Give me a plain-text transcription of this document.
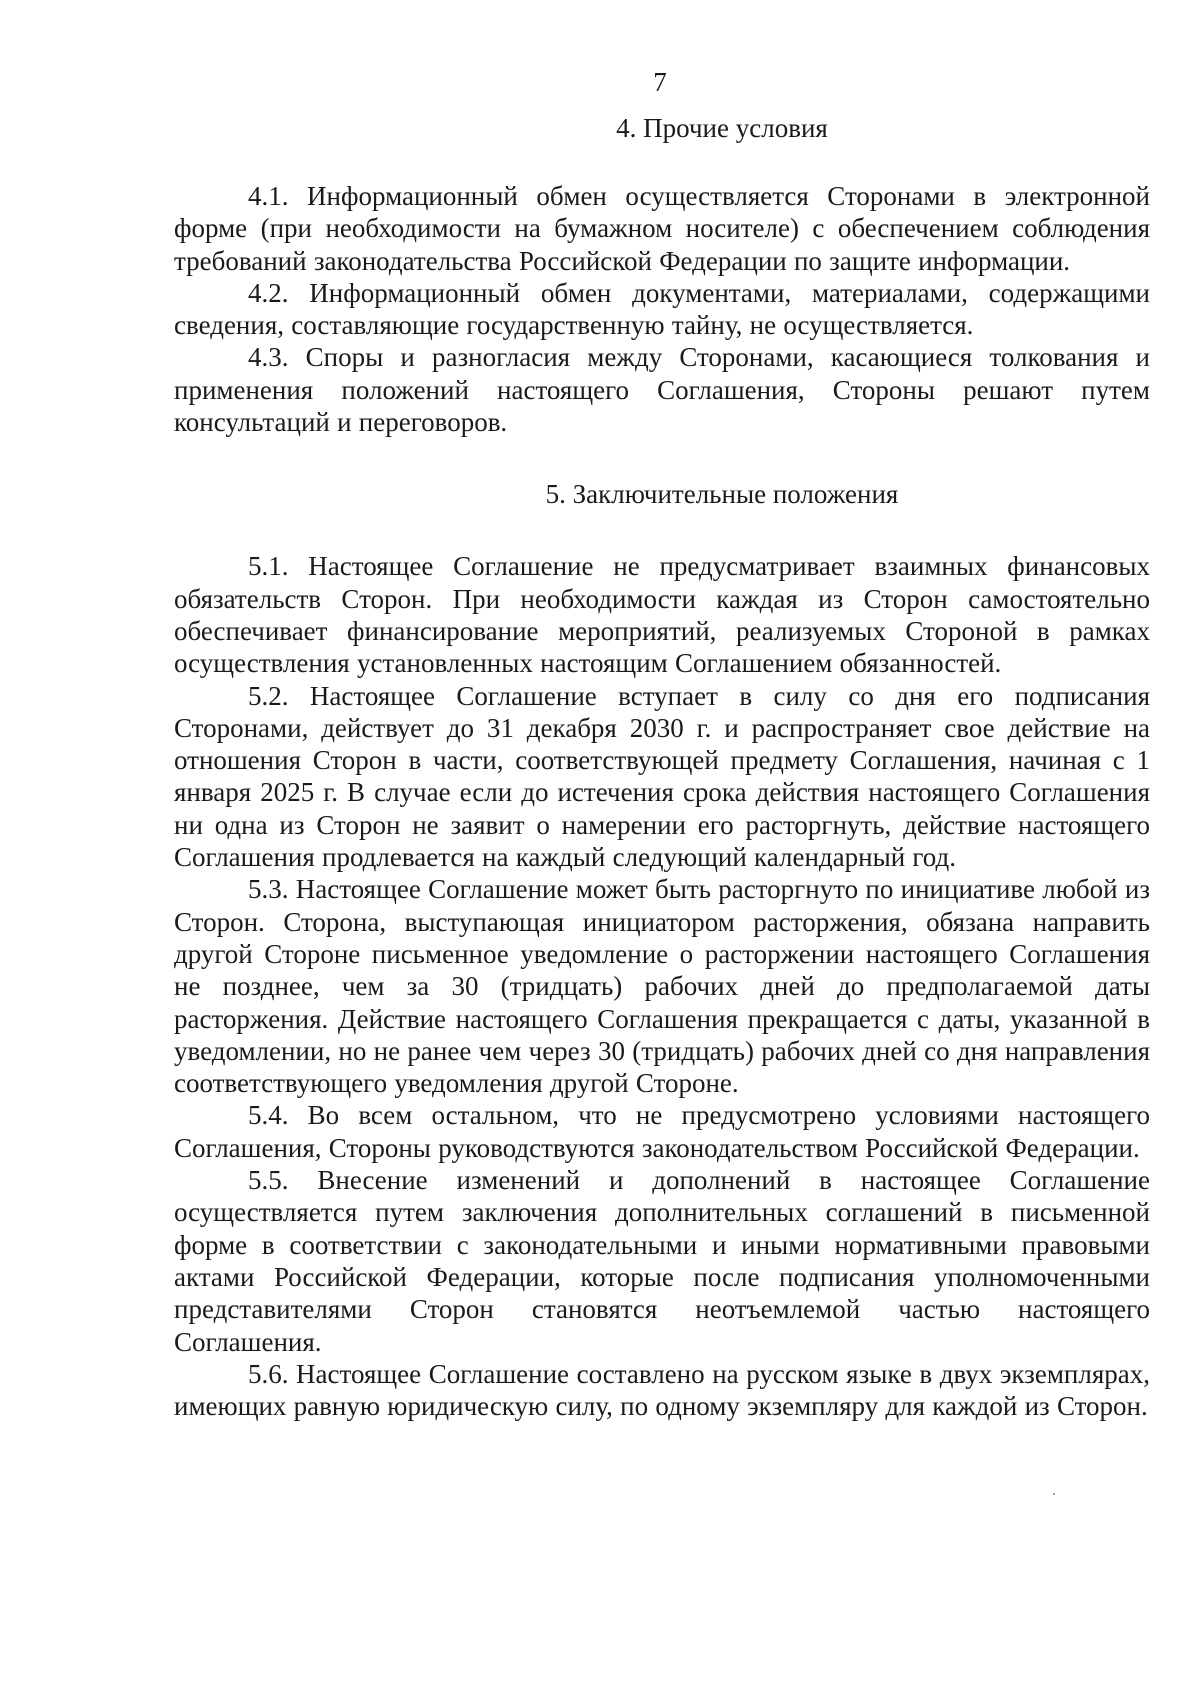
7

4. Прочие условия

4.1. Информационный обмен осуществляется Сторонами в электронной форме (при необходимости на бумажном носителе) с обеспечением соблюдения требований законодательства Российской Федерации по защите информации.

4.2. Информационный обмен документами, материалами, содержащими сведения, составляющие государственную тайну, не осуществляется.

4.3. Споры и разногласия между Сторонами, касающиеся толкования и применения положений настоящего Соглашения, Стороны решают путем консультаций и переговоров.

5. Заключительные положения

5.1. Настоящее Соглашение не предусматривает взаимных финансовых обязательств Сторон. При необходимости каждая из Сторон самостоятельно обеспечивает финансирование мероприятий, реализуемых Стороной в рамках осуществления установленных настоящим Соглашением обязанностей.

5.2. Настоящее Соглашение вступает в силу со дня его подписания Сторонами, действует до 31 декабря 2030 г. и распространяет свое действие на отношения Сторон в части, соответствующей предмету Соглашения, начиная с 1 января 2025 г. В случае если до истечения срока действия настоящего Соглашения ни одна из Сторон не заявит о намерении его расторгнуть, действие настоящего Соглашения продлевается на каждый следующий календарный год.

5.3. Настоящее Соглашение может быть расторгнуто по инициативе любой из Сторон. Сторона, выступающая инициатором расторжения, обязана направить другой Стороне письменное уведомление о расторжении настоящего Соглашения не позднее, чем за 30 (тридцать) рабочих дней до предполагаемой даты расторжения. Действие настоящего Соглашения прекращается с даты, указанной в уведомлении, но не ранее чем через 30 (тридцать) рабочих дней со дня направления соответствующего уведомления другой Стороне.

5.4. Во всем остальном, что не предусмотрено условиями настоящего Соглашения, Стороны руководствуются законодательством Российской Федерации.

5.5. Внесение изменений и дополнений в настоящее Соглашение осуществляется путем заключения дополнительных соглашений в письменной форме в соответствии с законодательными и иными нормативными правовыми актами Российской Федерации, которые после подписания уполномоченными представителями Сторон становятся неотъемлемой частью настоящего Соглашения.

5.6. Настоящее Соглашение составлено на русском языке в двух экземплярах, имеющих равную юридическую силу, по одному экземпляру для каждой из Сторон.
